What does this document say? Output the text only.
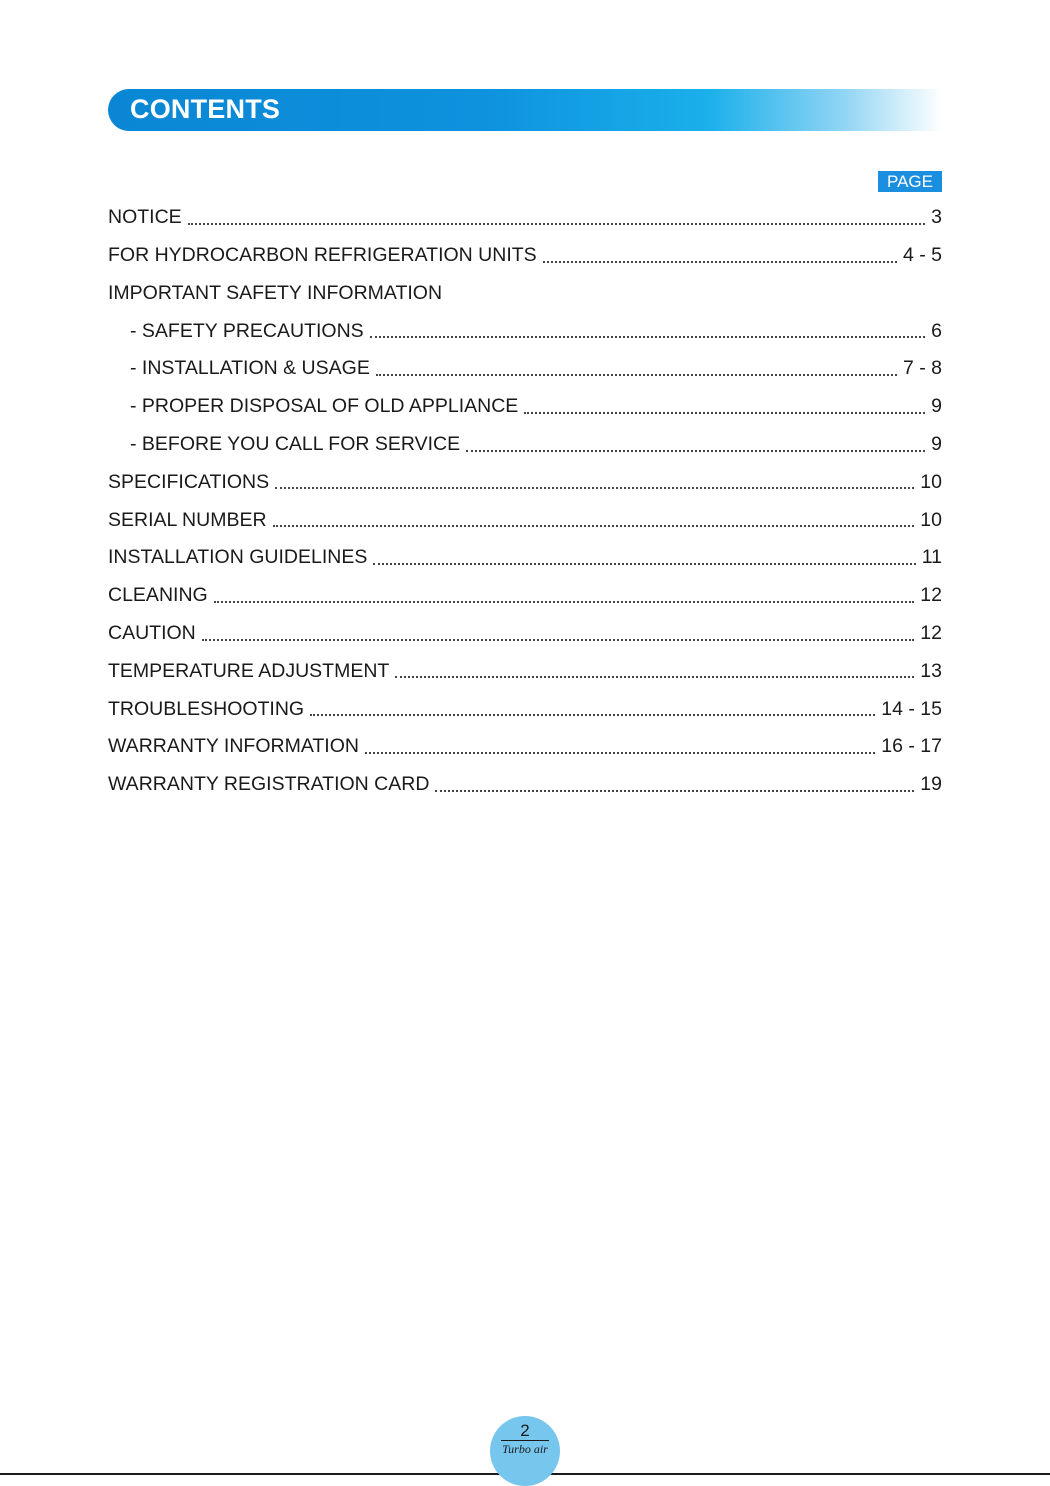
CONTENTS
PAGE
NOTICE	3
FOR HYDROCARBON REFRIGERATION UNITS	4 - 5
IMPORTANT SAFETY INFORMATION
- SAFETY PRECAUTIONS	6
- INSTALLATION & USAGE	7 - 8
- PROPER DISPOSAL OF OLD APPLIANCE	9
- BEFORE YOU CALL FOR SERVICE	9
SPECIFICATIONS	10
SERIAL NUMBER	10
INSTALLATION GUIDELINES	11
CLEANING	12
CAUTION	12
TEMPERATURE ADJUSTMENT	13
TROUBLESHOOTING	14 - 15
WARRANTY INFORMATION	16 - 17
WARRANTY REGISTRATION CARD	19
2
Turbo air
